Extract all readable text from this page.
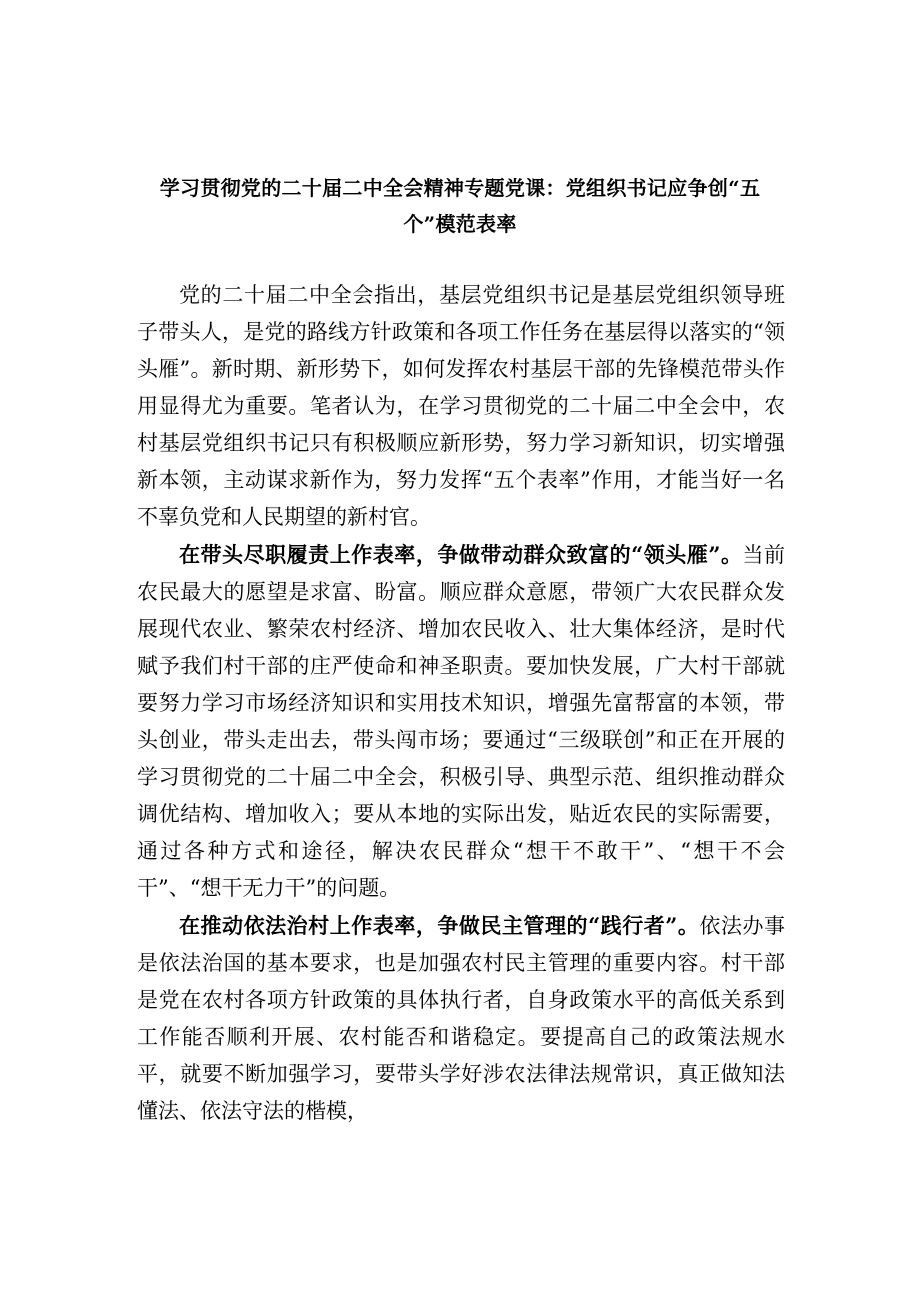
学习贯彻党的二十届二中全会精神专题党课：党组织书记应争创“五个”模范表率

党的二十届二中全会指出，基层党组织书记是基层党组织领导班子带头人，是党的路线方针政策和各项工作任务在基层得以落实的“领头雁”。新时期、新形势下，如何发挥农村基层干部的先锋模范带头作用显得尤为重要。笔者认为，在学习贯彻党的二十届二中全会中，农村基层党组织书记只有积极顺应新形势，努力学习新知识，切实增强新本领，主动谋求新作为，努力发挥“五个表率”作用，才能当好一名不辜负党和人民期望的新村官。

在带头尽职履责上作表率，争做带动群众致富的“领头雁”。当前农民最大的愿望是求富、盼富。顺应群众意愿，带领广大农民群众发展现代农业、繁荣农村经济、增加农民收入、壮大集体经济，是时代赋予我们村干部的庄严使命和神圣职责。要加快发展，广大村干部就要努力学习市场经济知识和实用技术知识，增强先富帮富的本领，带头创业，带头走出去，带头闯市场；要通过“三级联创”和正在开展的学习贯彻党的二十届二中全会，积极引导、典型示范、组织推动群众调优结构、增加收入；要从本地的实际出发，贴近农民的实际需要，通过各种方式和途径，解决农民群众“想干不敢干”、“想干不会干”、“想干无力干”的问题。

在推动依法治村上作表率，争做民主管理的“践行者”。依法办事是依法治国的基本要求，也是加强农村民主管理的重要内容。村干部是党在农村各项方针政策的具体执行者，自身政策水平的高低关系到工作能否顺利开展、农村能否和谐稳定。要提高自己的政策法规水平，就要不断加强学习，要带头学好涉农法律法规常识，真正做知法懂法、依法守法的楷模，
